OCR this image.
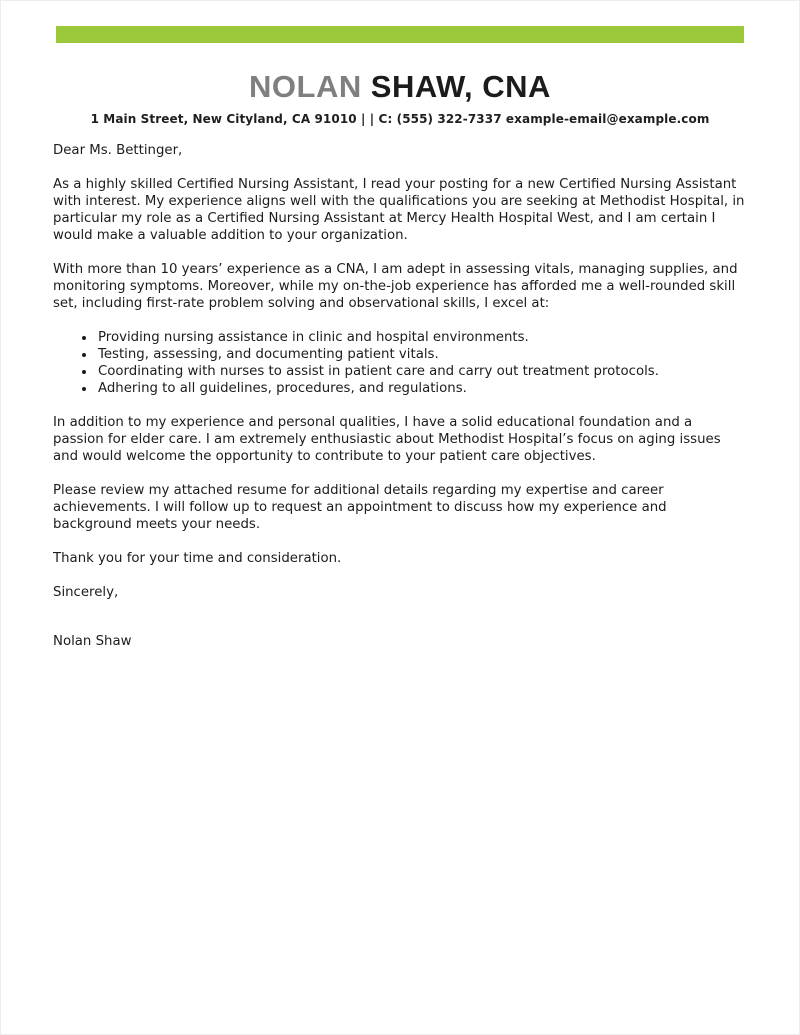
NOLAN SHAW, CNA
1 Main Street, New Cityland, CA 91010 | | C: (555) 322-7337 example-email@example.com

Dear Ms. Bettinger,

As a highly skilled Certified Nursing Assistant, I read your posting for a new Certified Nursing Assistant with interest. My experience aligns well with the qualifications you are seeking at Methodist Hospital, in particular my role as a Certified Nursing Assistant at Mercy Health Hospital West, and I am certain I would make a valuable addition to your organization.

With more than 10 years’ experience as a CNA, I am adept in assessing vitals, managing supplies, and monitoring symptoms. Moreover, while my on-the-job experience has afforded me a well-rounded skill set, including first-rate problem solving and observational skills, I excel at:

• Providing nursing assistance in clinic and hospital environments.
• Testing, assessing, and documenting patient vitals.
• Coordinating with nurses to assist in patient care and carry out treatment protocols.
• Adhering to all guidelines, procedures, and regulations.

In addition to my experience and personal qualities, I have a solid educational foundation and a passion for elder care. I am extremely enthusiastic about Methodist Hospital’s focus on aging issues and would welcome the opportunity to contribute to your patient care objectives.

Please review my attached resume for additional details regarding my expertise and career achievements. I will follow up to request an appointment to discuss how my experience and background meets your needs.

Thank you for your time and consideration.

Sincerely,

Nolan Shaw
